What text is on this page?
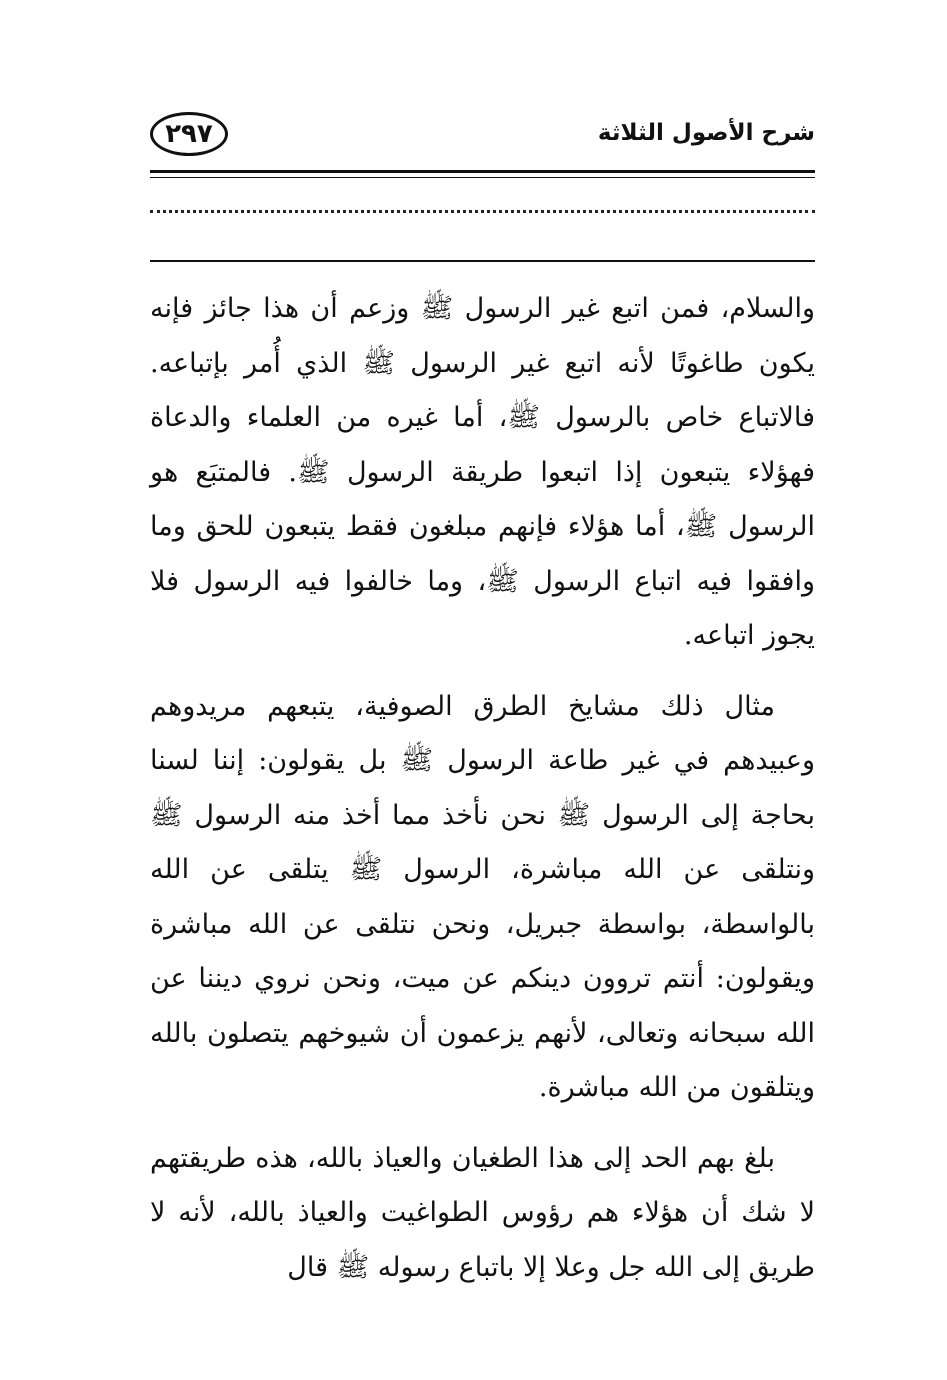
شرح الأصول الثلاثة
٢٩٧

والسلام، فمن اتبع غير الرسول ﷺ وزعم أن هذا جائز فإنه يكون طاغوتًا لأنه اتبع غير الرسول ﷺ الذي أُمر بإتباعه. فالاتباع خاص بالرسول ﷺ، أما غيره من العلماء والدعاة فهؤلاء يتبعون إذا اتبعوا طريقة الرسول ﷺ. فالمتبَع هو الرسول ﷺ، أما هؤلاء فإنهم مبلغون فقط يتبعون للحق وما وافقوا فيه اتباع الرسول ﷺ، وما خالفوا فيه الرسول فلا يجوز اتباعه.

مثال ذلك مشايخ الطرق الصوفية، يتبعهم مريدوهم وعبيدهم في غير طاعة الرسول ﷺ بل يقولون: إننا لسنا بحاجة إلى الرسول ﷺ نحن نأخذ مما أخذ منه الرسول ﷺ ونتلقى عن الله مباشرة، الرسول ﷺ يتلقى عن الله بالواسطة، بواسطة جبريل، ونحن نتلقى عن الله مباشرة ويقولون: أنتم تروون دينكم عن ميت، ونحن نروي ديننا عن الله سبحانه وتعالى، لأنهم يزعمون أن شيوخهم يتصلون بالله ويتلقون من الله مباشرة.

بلغ بهم الحد إلى هذا الطغيان والعياذ بالله، هذه طريقتهم لا شك أن هؤلاء هم رؤوس الطواغيت والعياذ بالله، لأنه لا طريق إلى الله جل وعلا إلا باتباع رسوله ﷺ قال
